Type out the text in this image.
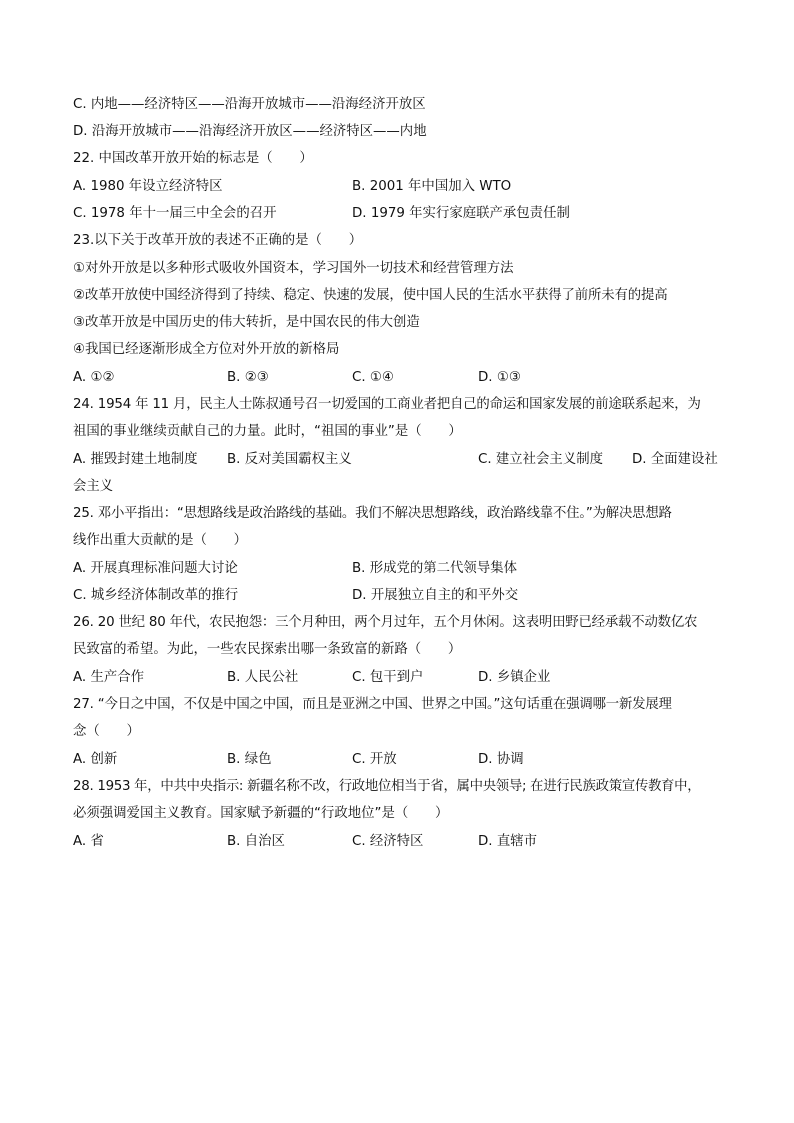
C. 内地——经济特区——沿海开放城市——沿海经济开放区
D. 沿海开放城市——沿海经济开放区——经济特区——内地
22. 中国改革开放开始的标志是（　　）
A. 1980 年设立经济特区	B. 2001 年中国加入 WTO
C. 1978 年十一届三中全会的召开	D. 1979 年实行家庭联产承包责任制
23.以下关于改革开放的表述不正确的是（　　）
①对外开放是以多种形式吸收外国资本，学习国外一切技术和经营管理方法
②改革开放使中国经济得到了持续、稳定、快速的发展，使中国人民的生活水平获得了前所未有的提高
③改革开放是中国历史的伟大转折，是中国农民的伟大创造
④我国已经逐渐形成全方位对外开放的新格局
A. ①②	B. ②③	C. ①④	D. ①③
24. 1954 年 11 月，民主人士陈叔通号召一切爱国的工商业者把自己的命运和国家发展的前途联系起来，为
祖国的事业继续贡献自己的力量。此时，“祖国的事业”是（　　）
A. 摧毁封建土地制度 B. 反对美国霸权主义	C. 建立社会主义制度 D. 全面建设社
会主义
25. 邓小平指出：“思想路线是政治路线的基础。我们不解决思想路线，政治路线靠不住。”为解决思想路
线作出重大贡献的是（　　）
A. 开展真理标准问题大讨论	B. 形成党的第二代领导集体
C. 城乡经济体制改革的推行	D. 开展独立自主的和平外交
26. 20 世纪 80 年代，农民抱怨：三个月种田，两个月过年，五个月休闲。这表明田野已经承载不动数亿农
民致富的希望。为此，一些农民探索出哪一条致富的新路（　　）
A. 生产合作	B. 人民公社	C. 包干到户	D. 乡镇企业
27. “今日之中国，不仅是中国之中国，而且是亚洲之中国、世界之中国。”这句话重在强调哪一新发展理
念（　　）
A. 创新	B. 绿色	C. 开放	D. 协调
28. 1953 年，中共中央指示: 新疆名称不改，行政地位相当于省，属中央领导; 在进行民族政策宣传教育中，
必须强调爱国主义教育。国家赋予新疆的“行政地位”是（　　）
A. 省	B. 自治区	C. 经济特区	D. 直辖市
